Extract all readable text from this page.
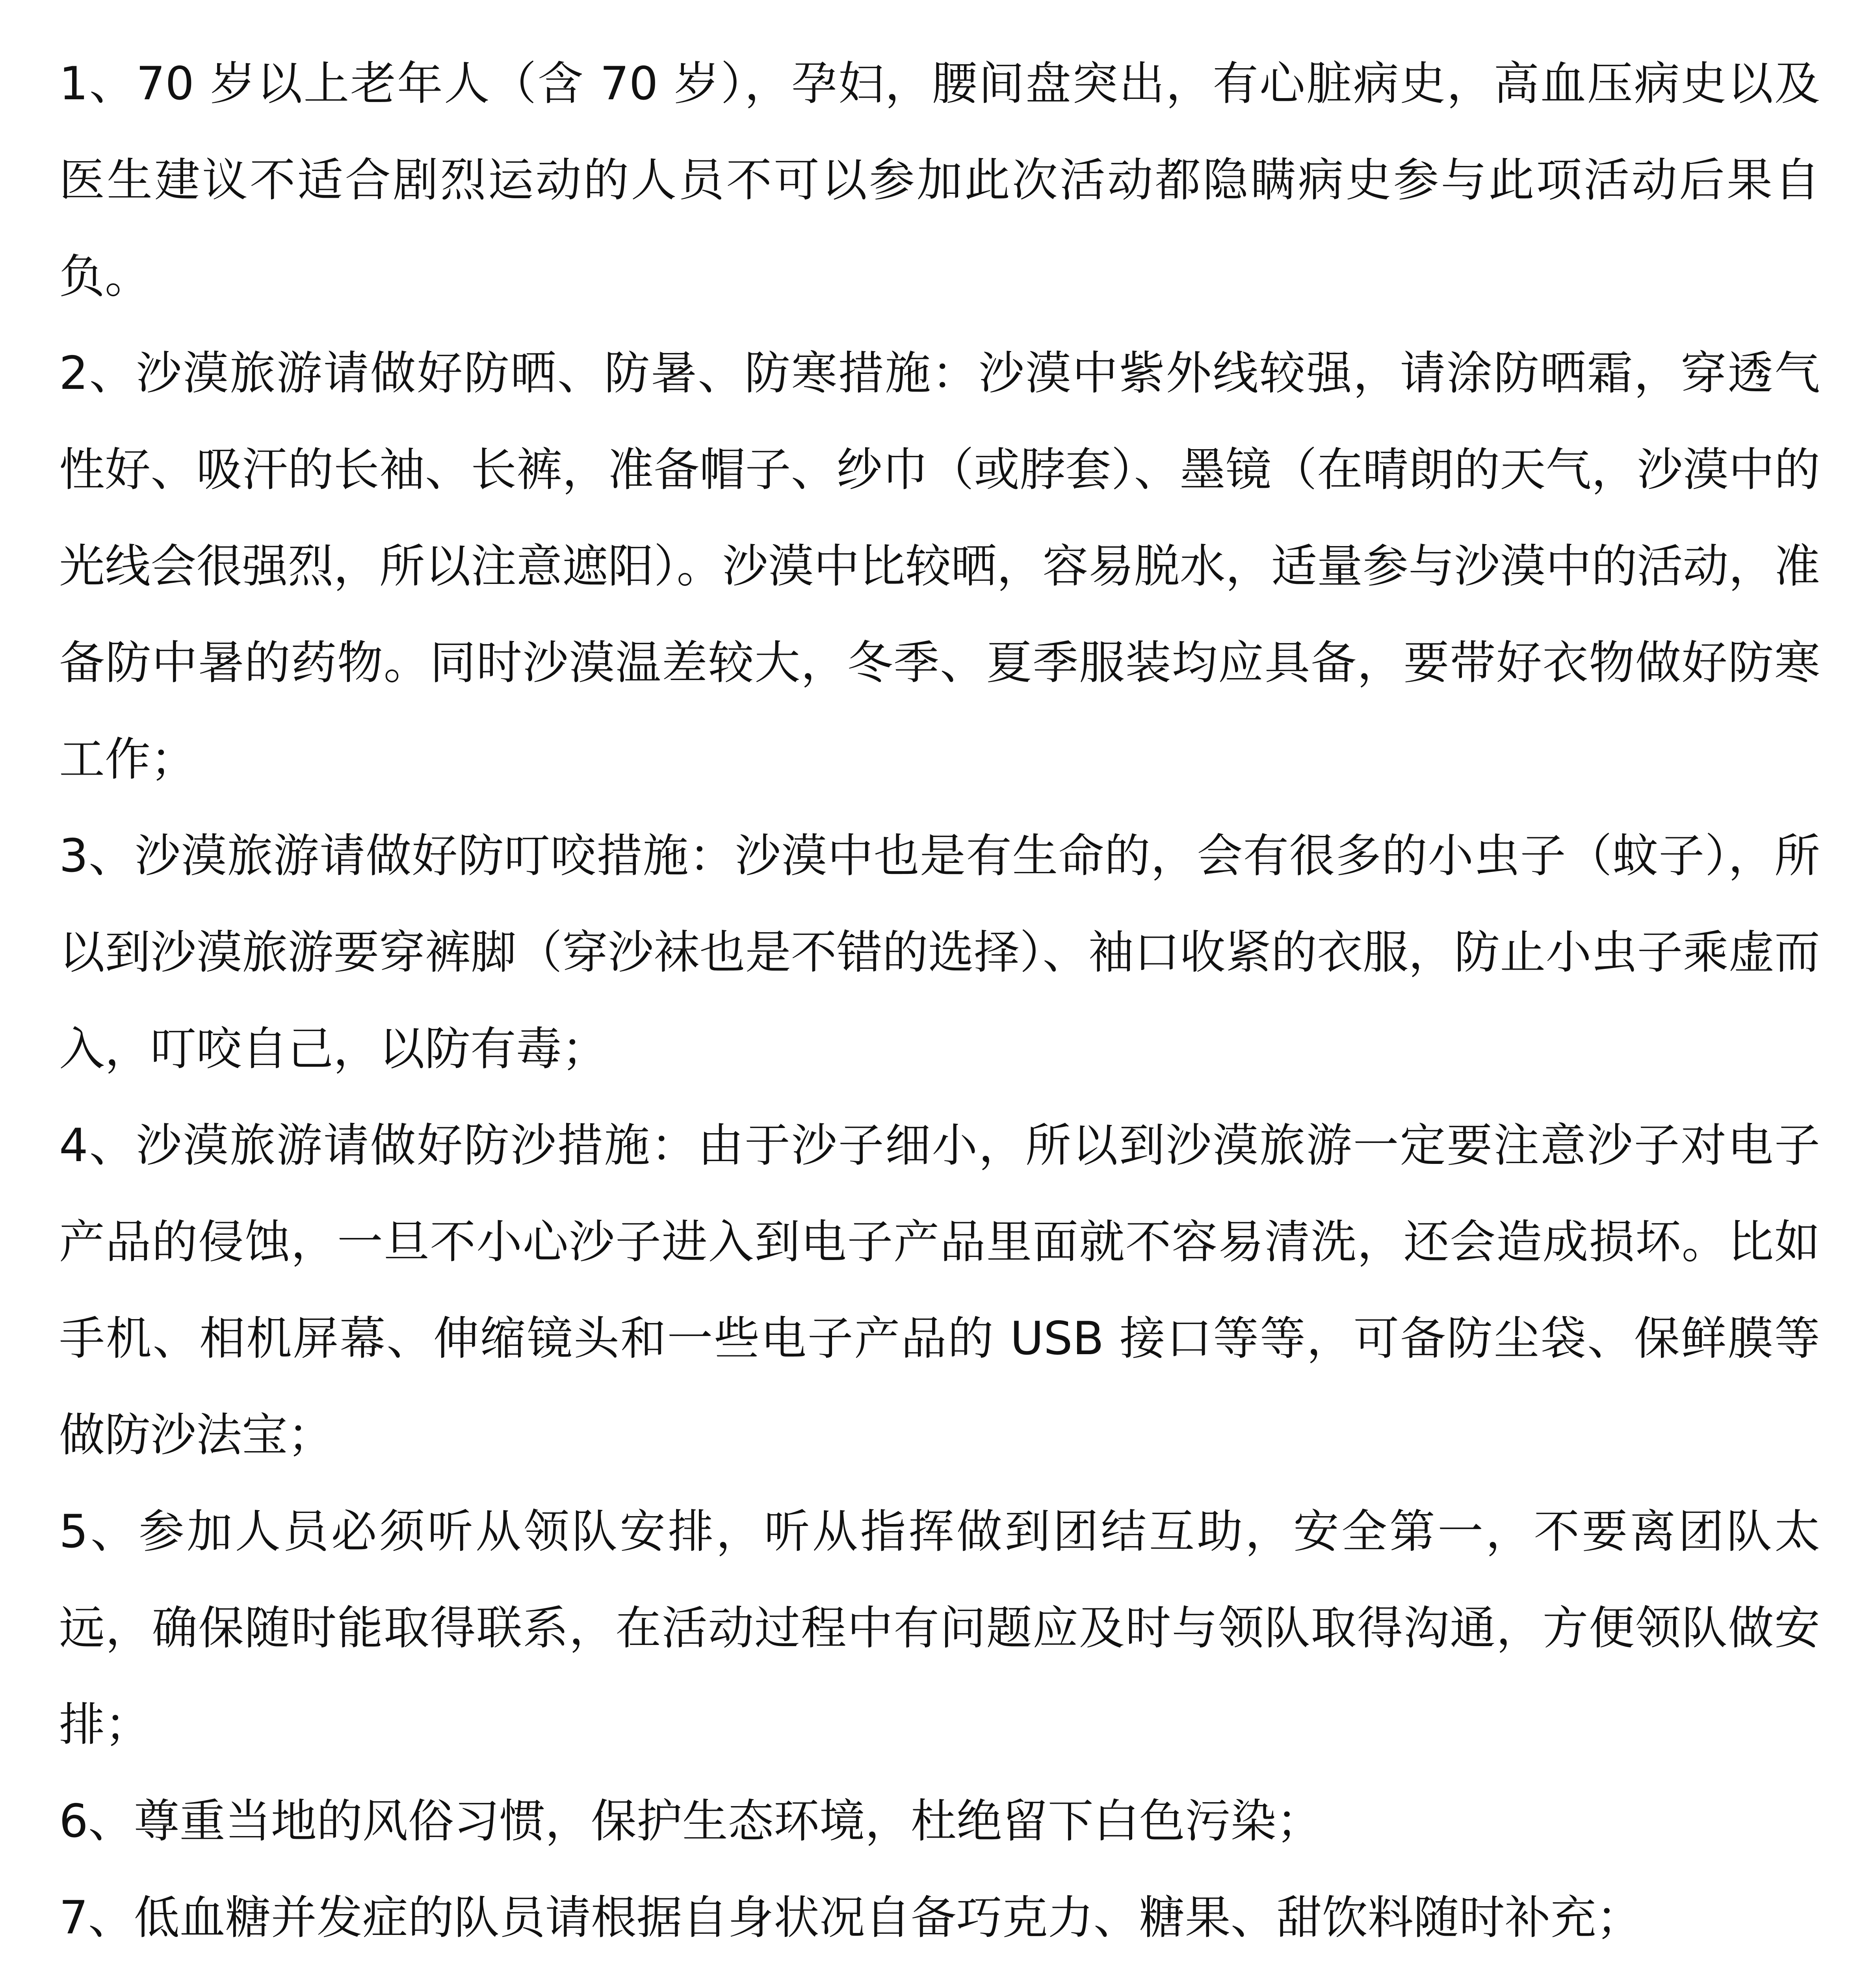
1、70 岁以上老年人（含 70 岁），孕妇，腰间盘突出，有心脏病史，高血压病史以及医生建议不适合剧烈运动的人员不可以参加此次活动都隐瞒病史参与此项活动后果自负。
2、沙漠旅游请做好防晒、防暑、防寒措施：沙漠中紫外线较强，请涂防晒霜，穿透气性好、吸汗的长袖、长裤，准备帽子、纱巾（或脖套）、墨镜（在晴朗的天气，沙漠中的光线会很强烈，所以注意遮阳）。沙漠中比较晒，容易脱水，适量参与沙漠中的活动，准备防中暑的药物。同时沙漠温差较大，冬季、夏季服装均应具备，要带好衣物做好防寒工作；
3、沙漠旅游请做好防叮咬措施：沙漠中也是有生命的，会有很多的小虫子（蚊子），所以到沙漠旅游要穿裤脚（穿沙袜也是不错的选择）、袖口收紧的衣服，防止小虫子乘虚而入，叮咬自己，以防有毒；
4、沙漠旅游请做好防沙措施：由于沙子细小，所以到沙漠旅游一定要注意沙子对电子产品的侵蚀，一旦不小心沙子进入到电子产品里面就不容易清洗，还会造成损坏。比如手机、相机屏幕、伸缩镜头和一些电子产品的 USB 接口等等，可备防尘袋、保鲜膜等做防沙法宝；
5、参加人员必须听从领队安排，听从指挥做到团结互助，安全第一，不要离团队太远，确保随时能取得联系，在活动过程中有问题应及时与领队取得沟通，方便领队做安排；
6、尊重当地的风俗习惯，保护生态环境，杜绝留下白色污染；
7、低血糖并发症的队员请根据自身状况自备巧克力、糖果、甜饮料随时补充；
